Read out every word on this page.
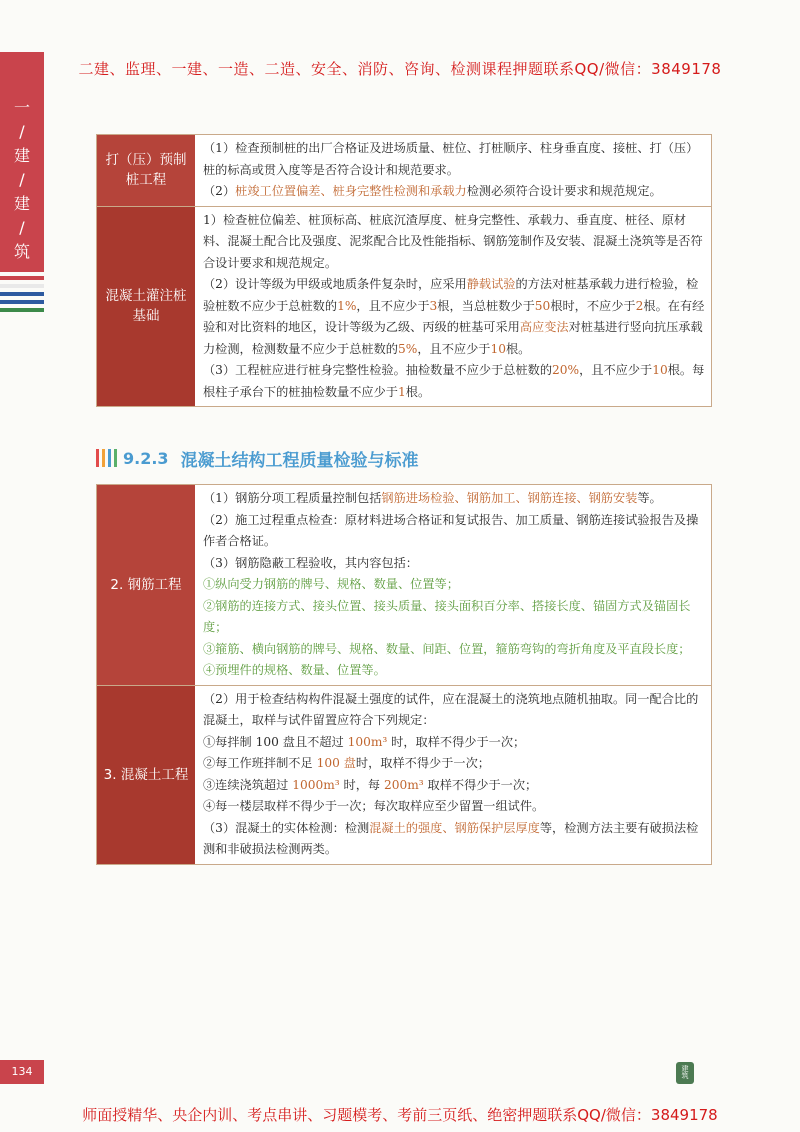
二建、监理、一建、一造、二造、安全、消防、咨询、检测课程押题联系QQ/微信：3849178
一
/
建
/
建
/
筑
打（压）预制桩工程

（1）检查预制桩的出厂合格证及进场质量、桩位、打桩顺序、柱身垂直度、接桩、打（压）桩的标高或贯入度等是否符合设计和规范要求。

（2）桩竣工位置偏差、桩身完整性检测和承载力检测必须符合设计要求和规范规定。

混凝土灌注桩基础

1）检查桩位偏差、桩顶标高、桩底沉渣厚度、桩身完整性、承载力、垂直度、桩径、原材料、混凝土配合比及强度、泥浆配合比及性能指标、钢筋笼制作及安装、混凝土浇筑等是否符合设计要求和规范规定。

（2）设计等级为甲级或地质条件复杂时，应采用静载试验的方法对桩基承载力进行检验，检验桩数不应少于总桩数的1%，且不应少于3根，当总桩数少于50根时，不应少于2根。在有经验和对比资料的地区，设计等级为乙级、丙级的桩基可采用高应变法对桩基进行竖向抗压承载力检测，检测数量不应少于总桩数的5%，且不应少于10根。

（3）工程桩应进行桩身完整性检验。抽检数量不应少于总桩数的20%，且不应少于10根。每根柱子承台下的桩抽检数量不应少于1根。

9.2.3 混凝土结构工程质量检验与标准
2. 钢筋工程

（1）钢筋分项工程质量控制包括钢筋进场检验、钢筋加工、钢筋连接、钢筋安装等。

（2）施工过程重点检查：原材料进场合格证和复试报告、加工质量、钢筋连接试验报告及操作者合格证。

（3）钢筋隐蔽工程验收，其内容包括：

①纵向受力钢筋的牌号、规格、数量、位置等；

②钢筋的连接方式、接头位置、接头质量、接头面积百分率、搭接长度、锚固方式及锚固长度；

③箍筋、横向钢筋的牌号、规格、数量、间距、位置，箍筋弯钩的弯折角度及平直段长度；

④预埋件的规格、数量、位置等。

3. 混凝土工程

（2）用于检查结构构件混凝土强度的试件，应在混凝土的浇筑地点随机抽取。同一配合比的混凝土，取样与试件留置应符合下列规定：

①每拌制 100 盘且不超过 100m³ 时，取样不得少于一次；

②每工作班拌制不足 100 盘时，取样不得少于一次；

③连续浇筑超过 1000m³ 时，每 200m³ 取样不得少于一次；

④每一楼层取样不得少于一次；每次取样应至少留置一组试件。

（3）混凝土的实体检测：检测混凝土的强度、钢筋保护层厚度等，检测方法主要有破损法检测和非破损法检测两类。

134	建
筑
师面授精华、央企内训、考点串讲、习题模考、考前三页纸、绝密押题联系QQ/微信：3849178
